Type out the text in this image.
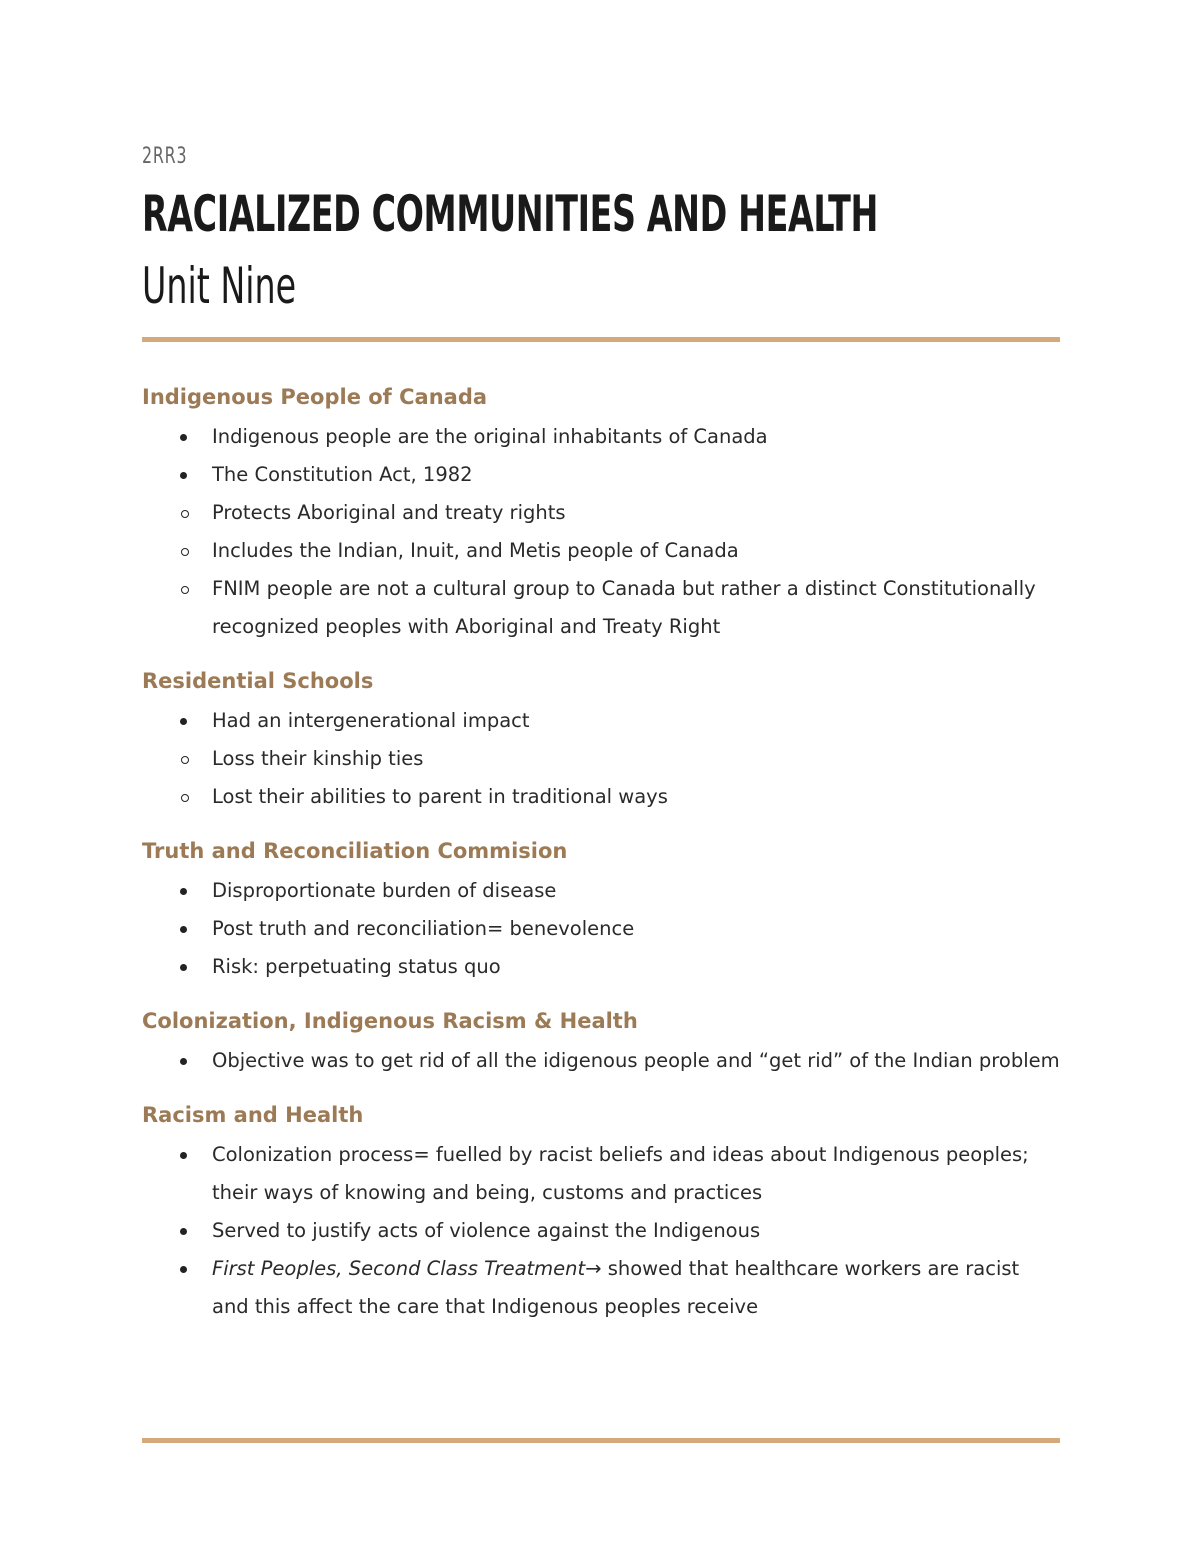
2RR3
RACIALIZED COMMUNITIES AND HEALTH
Unit Nine
Indigenous People of Canada
Indigenous people are the original inhabitants of Canada
The Constitution Act, 1982
Protects Aboriginal and treaty rights
Includes the Indian, Inuit, and Metis people of Canada
FNIM people are not a cultural group to Canada but rather a distinct Constitutionally recognized peoples with Aboriginal and Treaty Right
Residential Schools
Had an intergenerational impact
Loss their kinship ties
Lost their abilities to parent in traditional ways
Truth and Reconciliation Commision
Disproportionate burden of disease
Post truth and reconciliation= benevolence
Risk: perpetuating status quo
Colonization, Indigenous Racism & Health
Objective was to get rid of all the idigenous people and “get rid” of the Indian problem
Racism and Health
Colonization process= fuelled by racist beliefs and ideas about Indigenous peoples; their ways of knowing and being, customs and practices
Served to justify acts of violence against the Indigenous
First Peoples, Second Class Treatment→ showed that healthcare workers are racist and this affect the care that Indigenous peoples receive
